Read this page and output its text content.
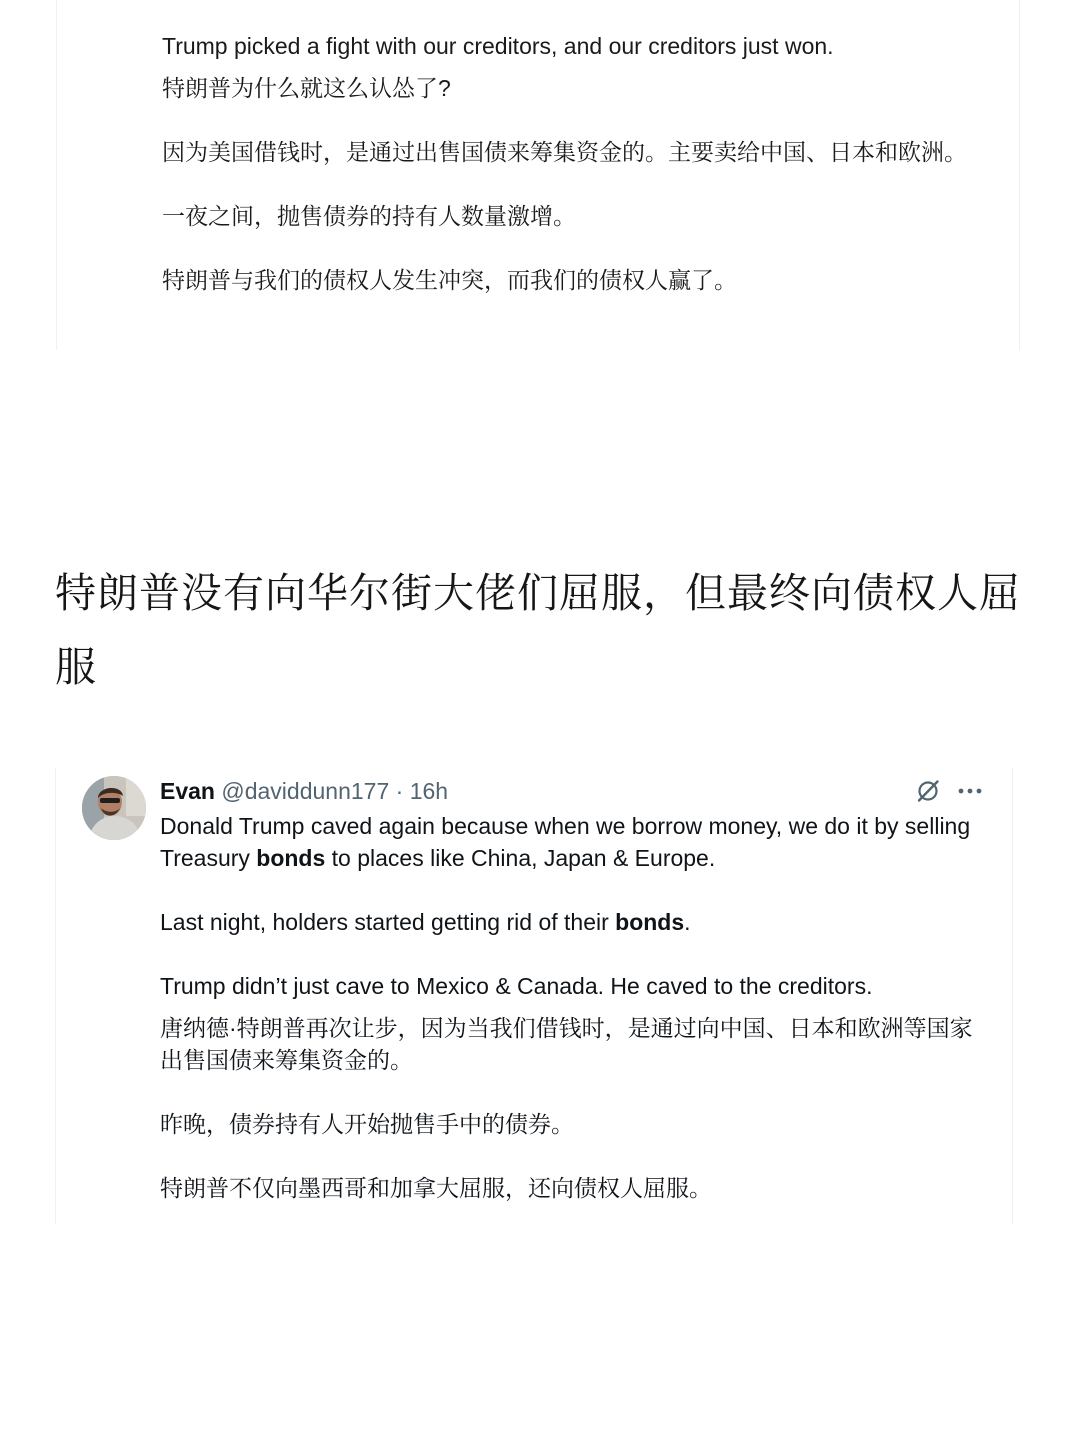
Trump picked a fight with our creditors, and our creditors just won.

特朗普为什么就这么认怂了?

因为美国借钱时，是通过出售国债来筹集资金的。主要卖给中国、日本和欧洲。

一夜之间，抛售债券的持有人数量激增。

特朗普与我们的债权人发生冲突，而我们的债权人赢了。

特朗普没有向华尔街大佬们屈服，但最终向债权人屈服
Evan @daviddunn177 · 16h

Donald Trump caved again because when we borrow money, we do it by selling Treasury bonds to places like China, Japan & Europe.

Last night, holders started getting rid of their bonds.

Trump didn’t just cave to Mexico & Canada. He caved to the creditors.

唐纳德·特朗普再次让步，因为当我们借钱时，是通过向中国、日本和欧洲等国家出售国债来筹集资金的。

昨晚，债券持有人开始抛售手中的债券。

特朗普不仅向墨西哥和加拿大屈服，还向债权人屈服。
